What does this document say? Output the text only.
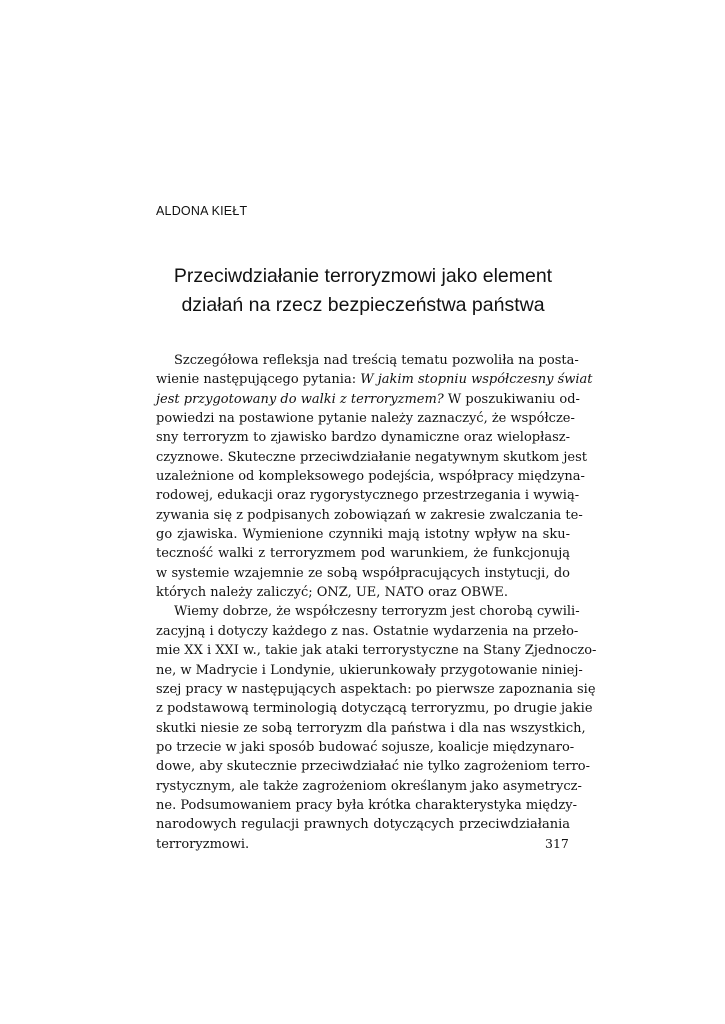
ALDONA KIEŁT

Przeciwdziałanie terroryzmowi jako element
działań na rzecz bezpieczeństwa państwa
Szczegółowa refleksja nad treścią tematu pozwoliła na posta-
wienie następującego pytania: W jakim stopniu współczesny świat
jest przygotowany do walki z terroryzmem? W poszukiwaniu od-
powiedzi na postawione pytanie należy zaznaczyć, że współcze-
sny terroryzm to zjawisko bardzo dynamiczne oraz wielopłasz-
czyznowe. Skuteczne przeciwdziałanie negatywnym skutkom jest
uzależnione od kompleksowego podejścia, współpracy międzyna-
rodowej, edukacji oraz rygorystycznego przestrzegania i wywią-
zywania się z podpisanych zobowiązań w zakresie zwalczania te-
go zjawiska. Wymienione czynniki mają istotny wpływ na sku-
teczność walki z terroryzmem pod warunkiem, że funkcjonują
w systemie wzajemnie ze sobą współpracujących instytucji, do
których należy zaliczyć; ONZ, UE, NATO oraz OBWE.
Wiemy dobrze, że współczesny terroryzm jest chorobą cywili-
zacyjną i dotyczy każdego z nas. Ostatnie wydarzenia na przeło-
mie XX i XXI w., takie jak ataki terrorystyczne na Stany Zjednoczo-
ne, w Madrycie i Londynie, ukierunkowały przygotowanie niniej-
szej pracy w następujących aspektach: po pierwsze zapoznania się
z podstawową terminologią dotyczącą terroryzmu, po drugie jakie
skutki niesie ze sobą terroryzm dla państwa i dla nas wszystkich,
po trzecie w jaki sposób budować sojusze, koalicje międzynaro-
dowe, aby skutecznie przeciwdziałać nie tylko zagrożeniom terro-
rystycznym, ale także zagrożeniom określanym jako asymetrycz-
ne. Podsumowaniem pracy była krótka charakterystyka między-
narodowych regulacji prawnych dotyczących przeciwdziałania
terroryzmowi.	317
